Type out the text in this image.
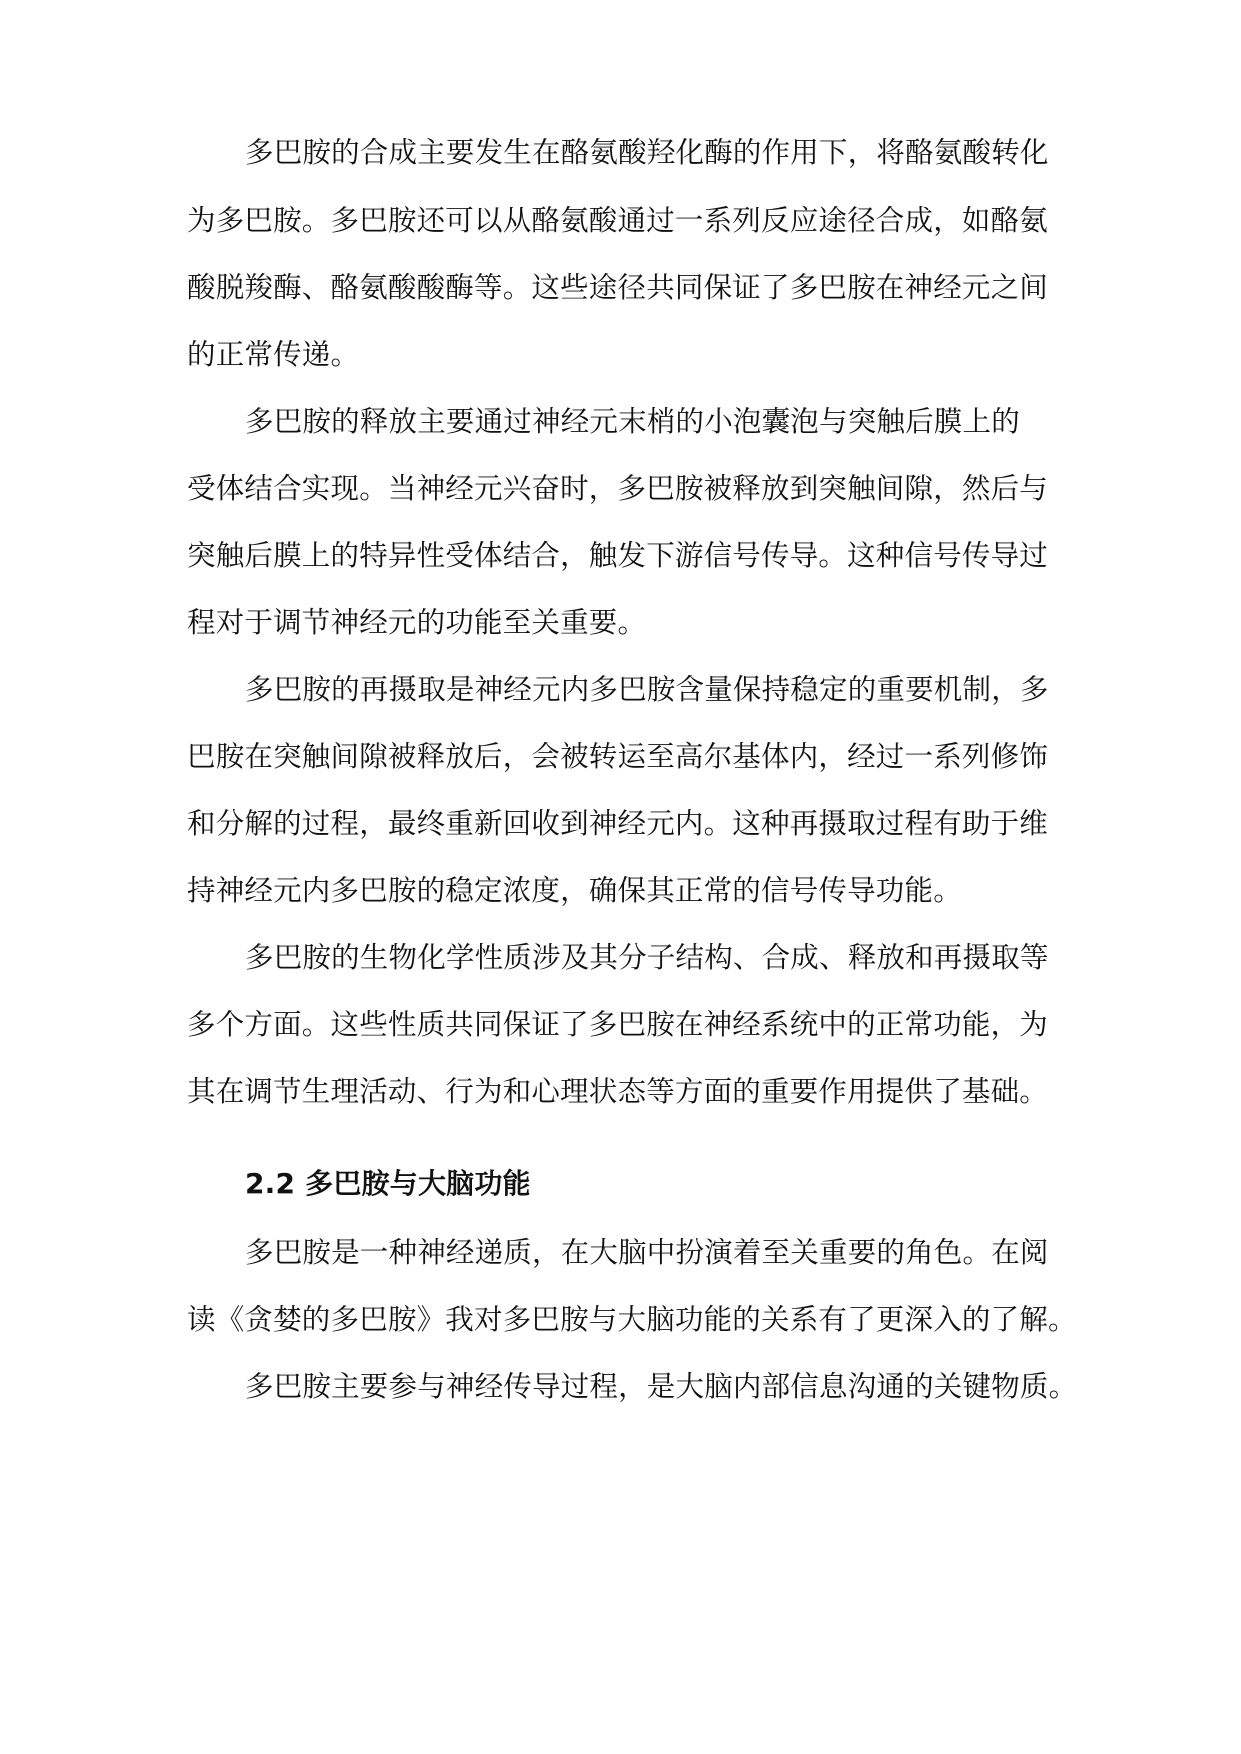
多巴胺的合成主要发生在酪氨酸羟化酶的作用下，将酪氨酸转化
为多巴胺。多巴胺还可以从酪氨酸通过一系列反应途径合成，如酪氨
酸脱羧酶、酪氨酸酸酶等。这些途径共同保证了多巴胺在神经元之间
的正常传递。
多巴胺的释放主要通过神经元末梢的小泡囊泡与突触后膜上的
受体结合实现。当神经元兴奋时，多巴胺被释放到突触间隙，然后与
突触后膜上的特异性受体结合，触发下游信号传导。这种信号传导过
程对于调节神经元的功能至关重要。
多巴胺的再摄取是神经元内多巴胺含量保持稳定的重要机制，多
巴胺在突触间隙被释放后，会被转运至高尔基体内，经过一系列修饰
和分解的过程，最终重新回收到神经元内。这种再摄取过程有助于维
持神经元内多巴胺的稳定浓度，确保其正常的信号传导功能。
多巴胺的生物化学性质涉及其分子结构、合成、释放和再摄取等
多个方面。这些性质共同保证了多巴胺在神经系统中的正常功能，为
其在调节生理活动、行为和心理状态等方面的重要作用提供了基础。
2.2 多巴胺与大脑功能
多巴胺是一种神经递质，在大脑中扮演着至关重要的角色。在阅
读《贪婪的多巴胺》我对多巴胺与大脑功能的关系有了更深入的了解。
多巴胺主要参与神经传导过程，是大脑内部信息沟通的关键物质。
